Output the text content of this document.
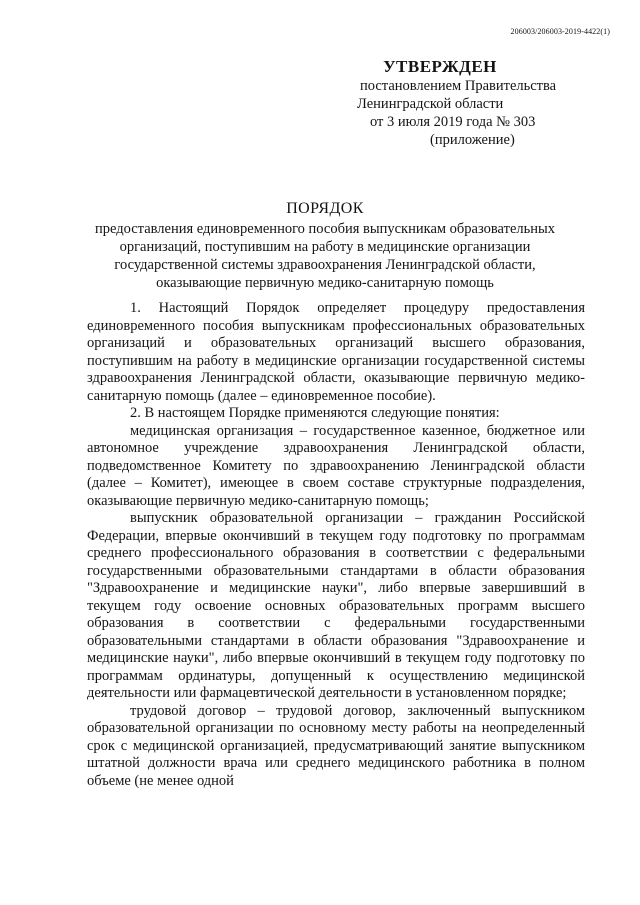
206003/206003-2019-4422(1)
УТВЕРЖДЕН
постановлением Правительства
Ленинградской области
от 3 июля 2019 года № 303
(приложение)
ПОРЯДОК
предоставления единовременного пособия выпускникам образовательных организаций, поступившим на работу в медицинские организации государственной системы здравоохранения Ленинградской области, оказывающие первичную медико-санитарную помощь

1. Настоящий Порядок определяет процедуру предоставления единовременного пособия выпускникам профессиональных образовательных организаций и образовательных организаций высшего образования, поступившим на работу в медицинские организации государственной системы здравоохранения Ленинградской области, оказывающие первичную медико-санитарную помощь (далее – единовременное пособие).

2. В настоящем Порядке применяются следующие понятия:

медицинская организация – государственное казенное, бюджетное или автономное учреждение здравоохранения Ленинградской области, подведомственное Комитету по здравоохранению Ленинградской области (далее – Комитет), имеющее в своем составе структурные подразделения, оказывающие первичную медико-санитарную помощь;

выпускник образовательной организации – гражданин Российской Федерации, впервые окончивший в текущем году подготовку по программам среднего профессионального образования в соответствии с федеральными государственными образовательными стандартами в области образования "Здравоохранение и медицинские науки", либо впервые завершивший в текущем году освоение основных образовательных программ высшего образования в соответствии с федеральными государственными образовательными стандартами в области образования "Здравоохранение и медицинские науки", либо впервые окончивший в текущем году подготовку по программам ординатуры, допущенный к осуществлению медицинской деятельности или фармацевтической деятельности в установленном порядке;

трудовой договор – трудовой договор, заключенный выпускником образовательной организации по основному месту работы на неопределенный срок с медицинской организацией, предусматривающий занятие выпускником штатной должности врача или среднего медицинского работника в полном объеме (не менее одной
